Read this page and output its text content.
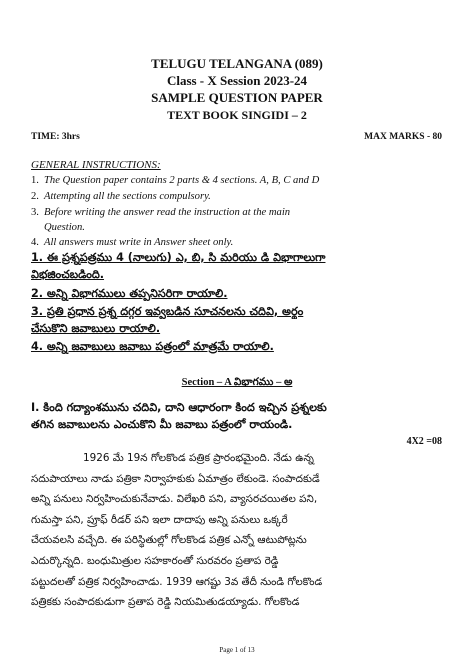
TELUGU TELANGANA (089)
Class - X Session 2023-24
SAMPLE QUESTION PAPER
TEXT BOOK SINGIDI – 2
TIME: 3hrs	MAX MARKS - 80
GENERAL INSTRUCTIONS:
1. The Question paper contains 2 parts & 4 sections. A, B, C and D
2. Attempting all the sections compulsory.
3. Before writing the answer read the instruction at the main
Question.
4. All answers must write in Answer sheet only.
1. ఈ ప్రశ్నపత్రము 4 (నాలుగు) ఎ, బి, సి మరియు డి విభాగాలుగా
విభజించబడింది.
2. అన్ని విభాగములు తప్పనిసరిగా రాయాలి.
3. ప్రతి ప్రధాన ప్రశ్న దగ్గర ఇవ్వబడిన సూచనలను చదివి, అర్థం
చేసుకొని జవాబులు రాయాలి.
4. అన్ని జవాబులు జవాబు పత్రంలో మాత్రమే రాయాలి.
Section – A విభాగము – అ
I. కింది గద్యాంశమును చదివి, దాని ఆధారంగా కింద ఇచ్చిన ప్రశ్నలకు
తగిన జవాబులను ఎంచుకొని మీ జవాబు పత్రంలో రాయండి.
4X2 =08
1926 మే 19న గోలకొండ పత్రిక ప్రారంభమైంది. నేడు ఉన్న
సదుపాయాలు నాడు పత్రికా నిర్వాహకుకు ఏమాత్రం లేకుండె. సంపాదకుడే
అన్ని పనులు నిర్వహించుకునేవాడు. విలేఖరి పని, వ్యాసరచయితల పని,
గుమస్తా పని, ప్రూఫ్ రీడర్ పని ఇలా దాదాపు అన్ని పనులు ఒక్కరే
చేయవలసి వచ్చేది. ఈ పరిస్థితుల్లో గోలకొండ పత్రిక ఎన్నో ఆటుపోట్లను
ఎదుర్కొన్నది. బంధుమిత్రుల సహకారంతో సురవరం ప్రతాప రెడ్డి
పట్టుదలతో పత్రిక నిర్వహించాడు. 1939 ఆగష్టు 3వ తేదీ నుండి గోలకొండ
పత్రికకు సంపాదకుడుగా ప్రతాప రెడ్డి నియమితుడయ్యాడు. గోలకొండ
Page 1 of 13
